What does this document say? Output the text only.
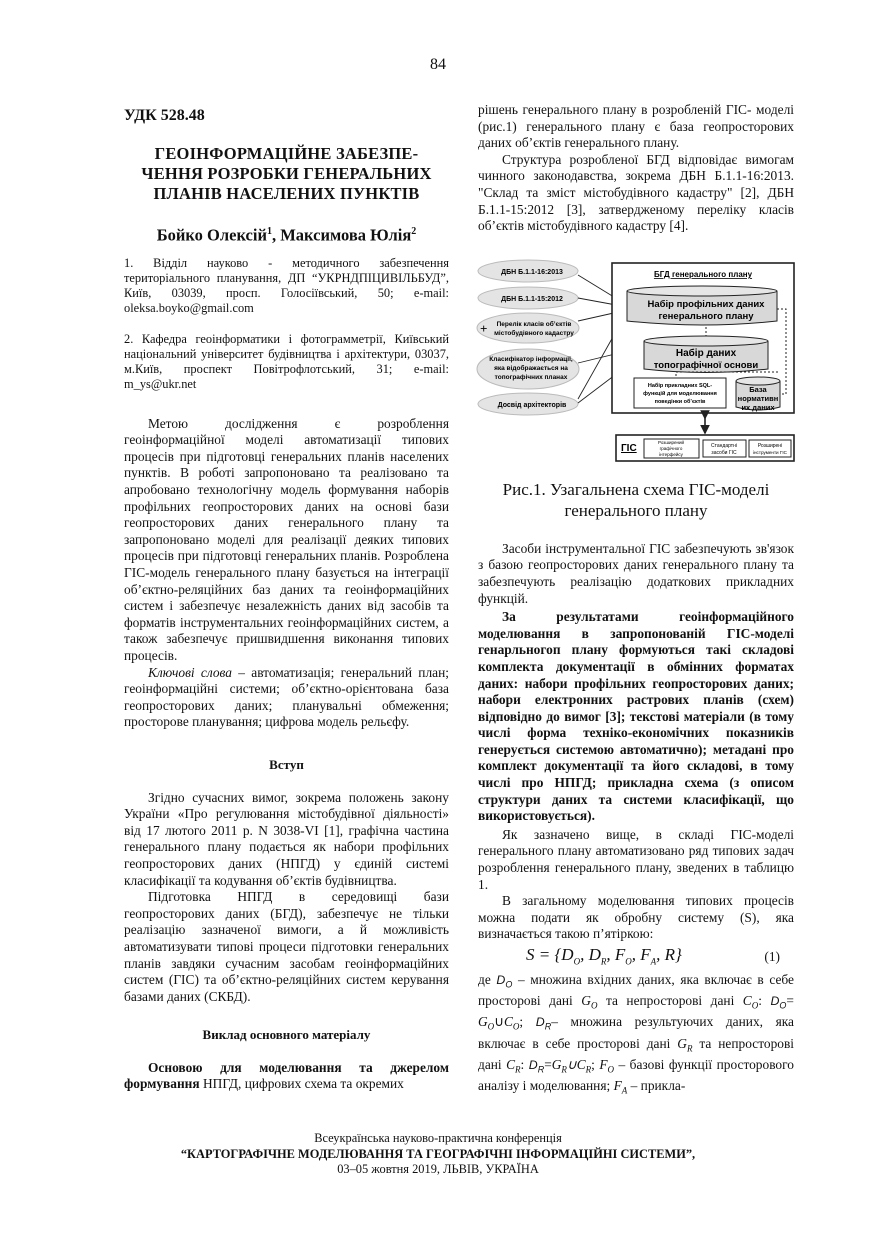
84
УДК 528.48
ГЕОІНФОРМАЦІЙНЕ ЗАБЕЗПЕ-
ЧЕННЯ РОЗРОБКИ ГЕНЕРАЛЬНИХ
ПЛАНІВ НАСЕЛЕНИХ ПУНКТІВ
Бойко Олексій$^1$, Максимова Юлія$^2$
1. Відділ науково - методичного забезпечення територіального планування, ДП “УКРНДПІЦИВІЛЬБУД”, Київ, 03039, просп. Голосіївський, 50; e-mail: oleksa.boyko@gmail.com
2. Кафедра геоінформатики і фотограмметрії, Київський національний університет будівництва і архітектури, 03037, м.Київ, проспект Повітрофлотський, 31; e-mail: m_ys@ukr.net

Метою дослідження є розроблення геоінформаційної моделі автоматизації типових процесів при підготовці генеральних планів населених пунктів. В роботі запропоновано та реалізовано та апробовано технологічну модель формування наборів профільних геопросторових даних на основі бази геопросторових даних генерального плану та запропоновано моделі для реалізації деяких типових процесів при підготовці генеральних планів. Розроблена ГІС-модель генерального плану базується на інтеграції об’єктно-реляційних баз даних та геоінформаційних систем і забезпечує незалежність даних від засобів та форматів інструментальних геоінформаційних систем, а також забезпечує пришвидшення виконання типових процесів.

Ключові слова – автоматизація; генеральний план; геоінформаційні системи; об’єктно-орієнтована база геопросторових даних; планувальні обмеження; просторове планування; цифрова модель рельєфу.

Вступ

Згідно сучасних вимог, зокрема положень закону України «Про регулювання містобудівної діяльності» від 17 лютого 2011 р. N 3038-VI [1], графічна частина генерального плану подається як набори профільних геопросторових даних (НПГД) у єдиній системі класифікації та кодування об’єктів будівництва.

Підготовка НПГД в середовищі бази геопросторових даних (БГД), забезпечує не тільки реалізацію зазначеної вимоги, а й можливість автоматизувати типові процеси підготовки генеральних планів завдяки сучасним засобам геоінформаційних систем (ГІС) та об’єктно-реляційних систем керування базами даних (СКБД).

Виклад основного матеріалу

Основою для моделювання та джерелом формування НПГД, цифрових схема та окремих

рішень генерального плану в розробленій ГІС- моделі (рис.1) генерального плану є база геопросторових даних об’єктів генерального плану.

Структура розробленої БГД відповідає вимогам чинного законодавства, зокрема ДБН Б.1.1-16:2013. "Склад та зміст містобудівного кадастру" [2], ДБН Б.1.1-15:2012 [3], затвердженому переліку класів об’єктів містобудівного кадастру [4].

ДБН Б.1.1-16:2013
ДБН Б.1.1-15:2012
+ Перелік класів об’єктів
містобудівного кадастру
Класифікатор інформації,
яка відображається на
топографічних планах
Досвід архітекторів
БГД генерального плану
Набір профільних даних
генерального плану
Набір даних
топографічної основи
Набір прикладних SQL-
функцій для моделювання
поведінки об’єктів
База
нормативн
их даних
ГІС
Розширений
графічного
інтерфейсу
Стандартні
засоби ГІС
Розширені
інструменти ГІС
Рис.1. Узагальнена схема ГІС-моделі генерального плану

Засоби інструментальної ГІС забезпечують зв'язок з базою геопросторових даних генерального плану та забезпечують реалізацію додаткових прикладних функцій.

За результатами геоінформаційного моделювання в запропонованій ГІС-моделі генарльногоп плану формуються такі складові комплекта документації в обмінних форматах даних: набори профільних геопросторових даних; набори електронних растрових планів (схем) відповідно до вимог [3]; текстові матеріали (в тому числі форма техніко-економічних показників генерується системою автоматично); метадані про комплект документації та його складові, в тому числі про НПГД; прикладна схема (з описом структури даних та системи класифікації, що використовується).

Як зазначено вище, в складі ГІС-моделі генерального плану автоматизовано ряд типових задач розроблення генерального плану, зведених в таблицю 1.

В загальному моделювання типових процесів можна подати як обробну систему (S), яка визначається такою п’ятіркою:

$S = \{D_O$, $D_R$, $F_O$, $F_A$, R}	(1)

де $D_O$ – множина вхідних даних, яка включає в себе просторові дані $G_O$ та непросторові дані $C_O$: $D_O=$ $G_O\cup C_O$; $D_R-$ множина результуючих даних, яка включає в себе просторові дані $G_R$ та непросторові дані $C_R$: $D_R=G_R\cup C_R$; $F_O$ – базові функції просторового аналізу і моделювання; $F_A$ – прикла-

Всеукраїнська науково-практична конференція
“КАРТОГРАФІЧНЕ МОДЕЛЮВАННЯ ТА ГЕОГРАФІЧНІ ІНФОРМАЦІЙНІ СИСТЕМИ”,
03–05 жовтня 2019, ЛЬВІВ, УКРАЇНА
